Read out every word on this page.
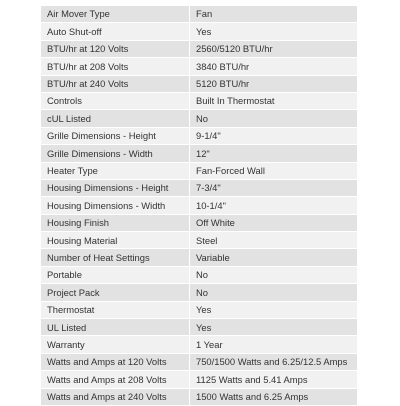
Air Mover Type	Fan
Auto Shut-off	Yes
BTU/hr at 120 Volts	2560/5120 BTU/hr
BTU/hr at 208 Volts	3840 BTU/hr
BTU/hr at 240 Volts	5120 BTU/hr
Controls	Built In Thermostat
cUL Listed	No
Grille Dimensions - Height	9-1/4"
Grille Dimensions - Width	12"
Heater Type	Fan-Forced Wall
Housing Dimensions - Height	7-3/4"
Housing Dimensions - Width	10-1/4"
Housing Finish	Off White
Housing Material	Steel
Number of Heat Settings	Variable
Portable	No
Project Pack	No
Thermostat	Yes
UL Listed	Yes
Warranty	1 Year
Watts and Amps at 120 Volts	750/1500 Watts and 6.25/12.5 Amps
Watts and Amps at 208 Volts	1125 Watts and 5.41 Amps
Watts and Amps at 240 Volts	1500 Watts and 6.25 Amps
